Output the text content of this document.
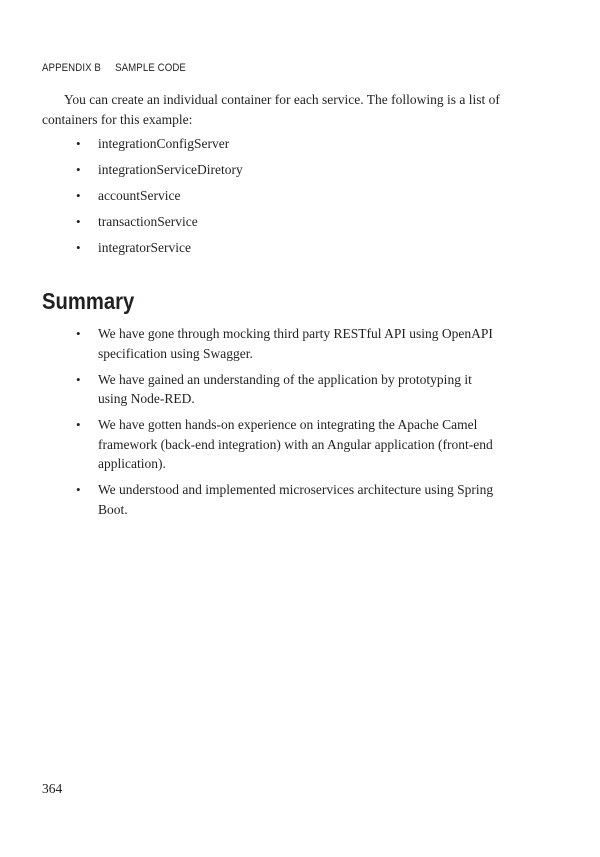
APPENDIX B SAMPLE CODE

You can create an individual container for each service. The following is a list of containers for this example:

• integrationConfigServer
• integrationServiceDiretory
• accountService
• transactionService
• integratorService
Summary
• We have gone through mocking third party RESTful API using OpenAPI specification using Swagger.
• We have gained an understanding of the application by prototyping it using Node-RED.
• We have gotten hands-on experience on integrating the Apache Camel framework (back-end integration) with an Angular application (front-end application).
• We understood and implemented microservices architecture using Spring Boot.
364
